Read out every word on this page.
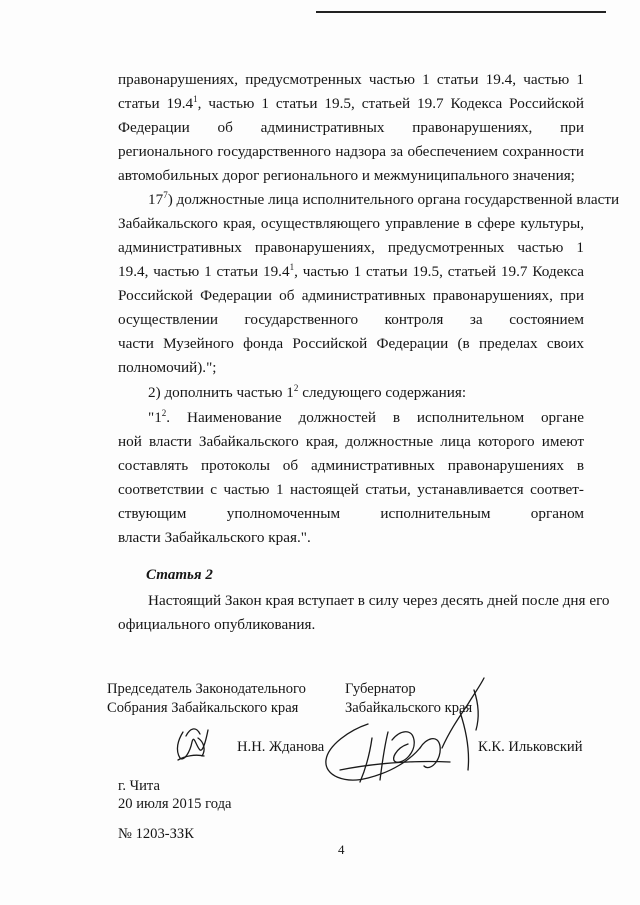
правонарушениях, предусмотренных частью 1 статьи 19.4, частью 1
статьи 19.4$^1$, частью 1 статьи 19.5, статьей 19.7 Кодекса Российской
Федерации об административных правонарушениях, при
регионального государственного надзора за обеспечением сохранности
автомобильных дорог регионального и межмуниципального значения;
$17^7$) должностные лица исполнительного органа государственной власти
Забайкальского края, осуществляющего управление в сфере культуры,
административных правонарушениях, предусмотренных частью 1
19.4, частью 1 статьи 19.4$^1$, частью 1 статьи 19.5, статьей 19.7 Кодекса
Российской Федерации об административных правонарушениях, при
осуществлении государственного контроля за состоянием
части Музейного фонда Российской Федерации (в пределах своих
полномочий).";
2) дополнить частью $1^2$ следующего содержания:
"$1^2$. Наименование должностей в исполнительном органе
ной власти Забайкальского края, должностные лица которого имеют
составлять протоколы об административных правонарушениях в
соответствии с частью 1 настоящей статьи, устанавливается соответ-
ствующим уполномоченным исполнительным органом
власти Забайкальского края.".
Статья 2
Настоящий Закон края вступает в силу через десять дней после дня его
официального опубликования.
Председатель Законодательного
Собрания Забайкальского края
Губернатор
Забайкальского края
Н.Н. Жданова	К.К. Ильковский
г. Чита
20 июля 2015 года
№ 1203-ЗЗК
4
